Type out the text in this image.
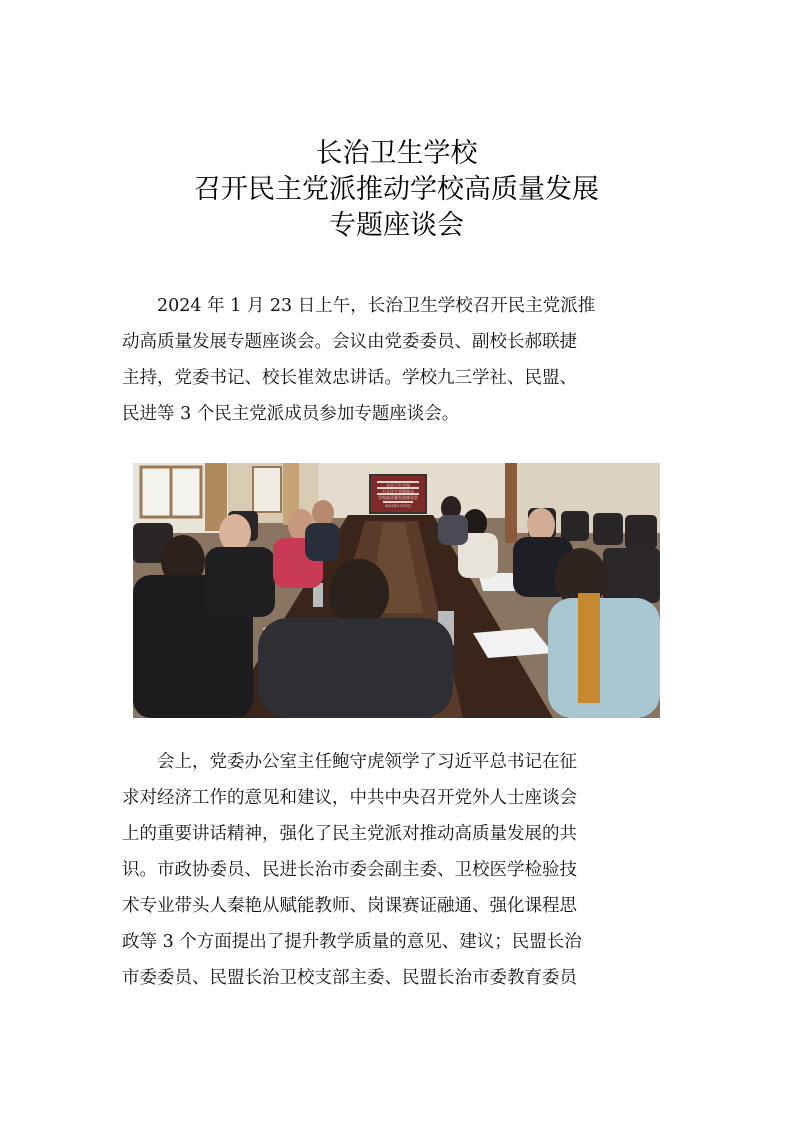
长治卫生学校
召开民主党派推动学校高质量发展
专题座谈会
　　2024 年 1 月 23 日上午，长治卫生学校召开民主党派推
动高质量发展专题座谈会。会议由党委委员、副校长郝联捷
主持，党委书记、校长崔效忠讲话。学校九三学社、民盟、
民进等 3 个民主党派成员参加专题座谈会。
长治卫生学校
召开民主党派推动
学校高质量发展座谈会
2024年1月23日
　　会上，党委办公室主任鲍守虎领学了习近平总书记在征
求对经济工作的意见和建议，中共中央召开党外人士座谈会
上的重要讲话精神，强化了民主党派对推动高质量发展的共
识。市政协委员、民进长治市委会副主委、卫校医学检验技
术专业带头人秦艳从赋能教师、岗课赛证融通、强化课程思
政等 3 个方面提出了提升教学质量的意见、建议；民盟长治
市委委员、民盟长治卫校支部主委、民盟长治市委教育委员
